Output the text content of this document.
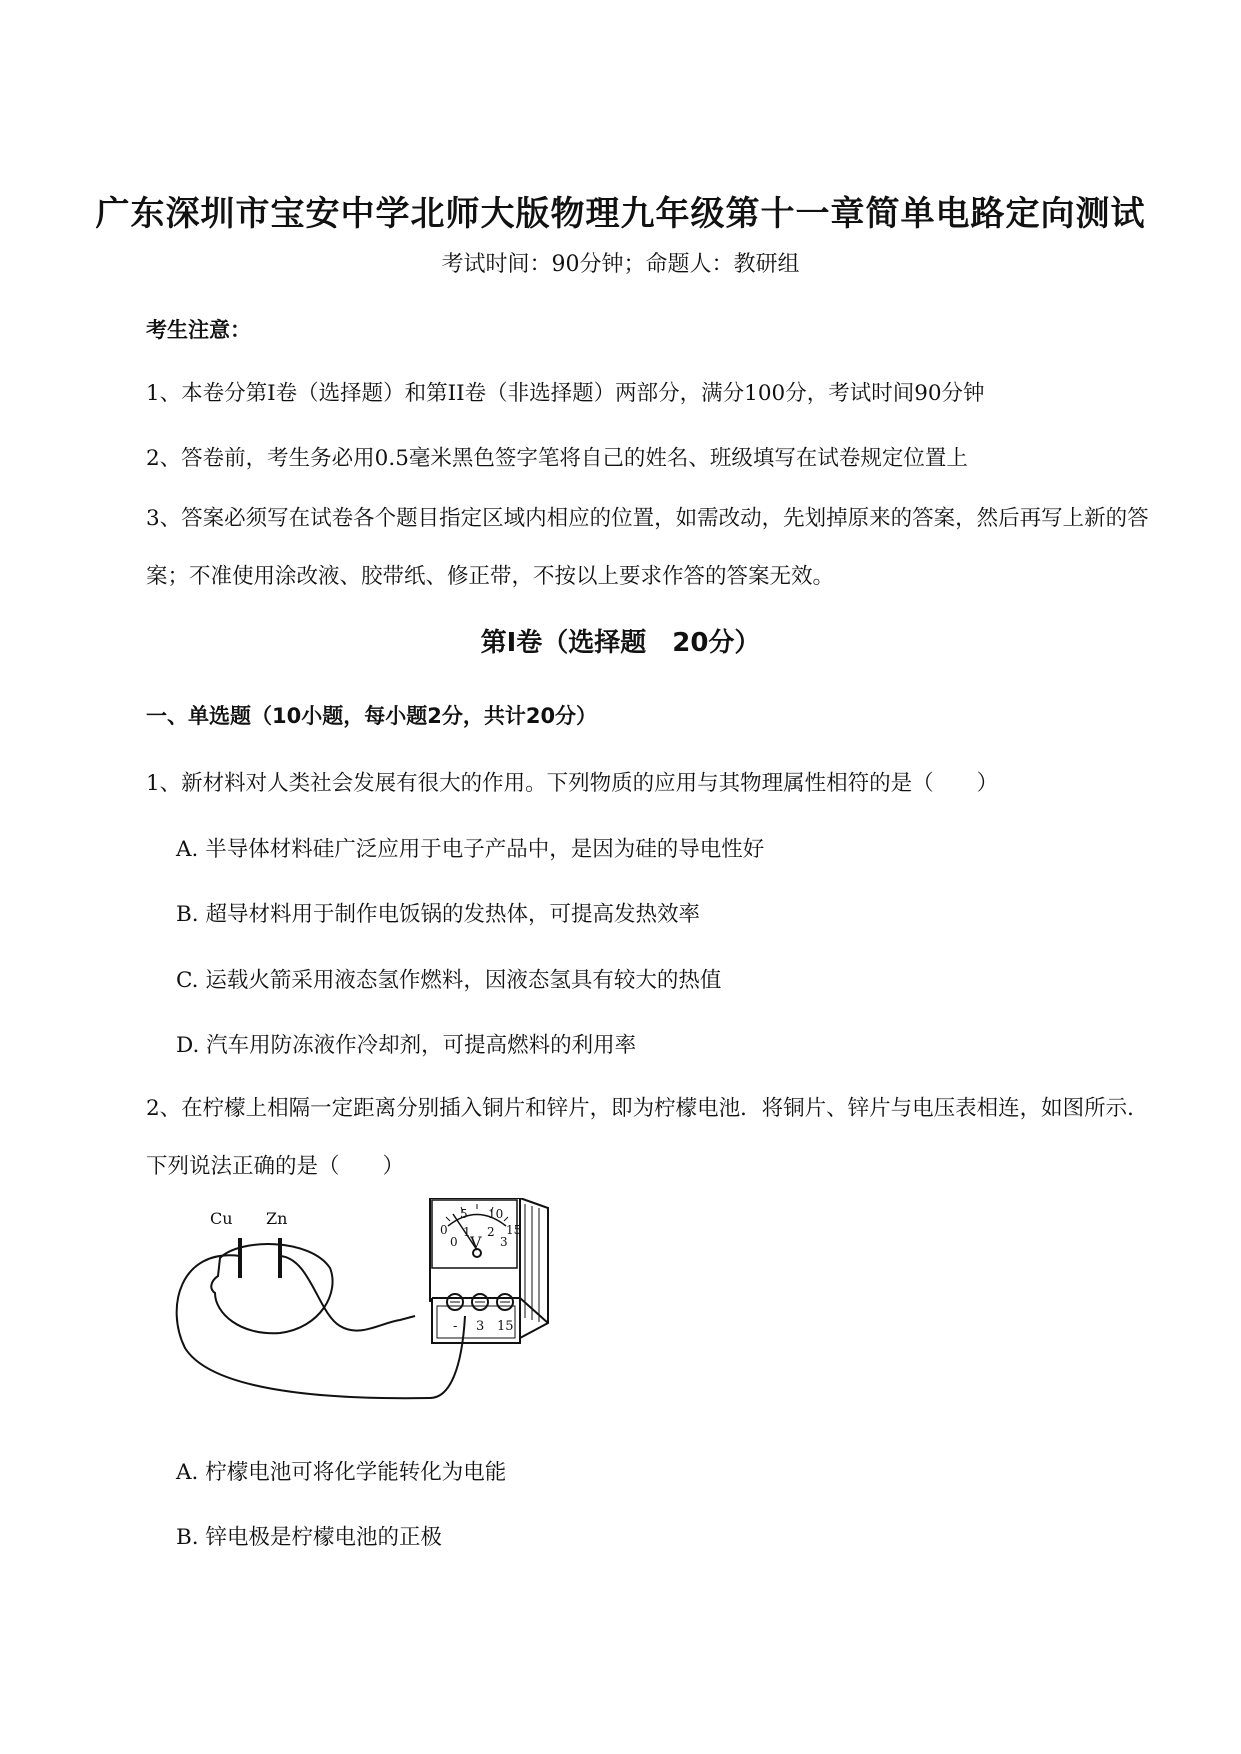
广东深圳市宝安中学北师大版物理九年级第十一章简单电路定向测试
考试时间：90分钟；命题人：教研组
考生注意：
1、本卷分第I卷（选择题）和第II卷（非选择题）两部分，满分100分，考试时间90分钟
2、答卷前，考生务必用0.5毫米黑色签字笔将自己的姓名、班级填写在试卷规定位置上
3、答案必须写在试卷各个题目指定区域内相应的位置，如需改动，先划掉原来的答案，然后再写上新的答案；不准使用涂改液、胶带纸、修正带，不按以上要求作答的答案无效。
第I卷（选择题　20分）
一、单选题（10小题，每小题2分，共计20分）
1、新材料对人类社会发展有很大的作用。下列物质的应用与其物理属性相符的是（　　）
A. 半导体材料硅广泛应用于电子产品中，是因为硅的导电性好
B. 超导材料用于制作电饭锅的发热体，可提高发热效率
C. 运载火箭采用液态氢作燃料，因液态氢具有较大的热值
D. 汽车用防冻液作冷却剂，可提高燃料的利用率
2、在柠檬上相隔一定距离分别插入铜片和锌片，即为柠檬电池．将铜片、锌片与电压表相连，如图所示．下列说法正确的是（　　）
Cu Zn
0
5 10
15
0
1 2
3
V
- 3 15
A. 柠檬电池可将化学能转化为电能
B. 锌电极是柠檬电池的正极
